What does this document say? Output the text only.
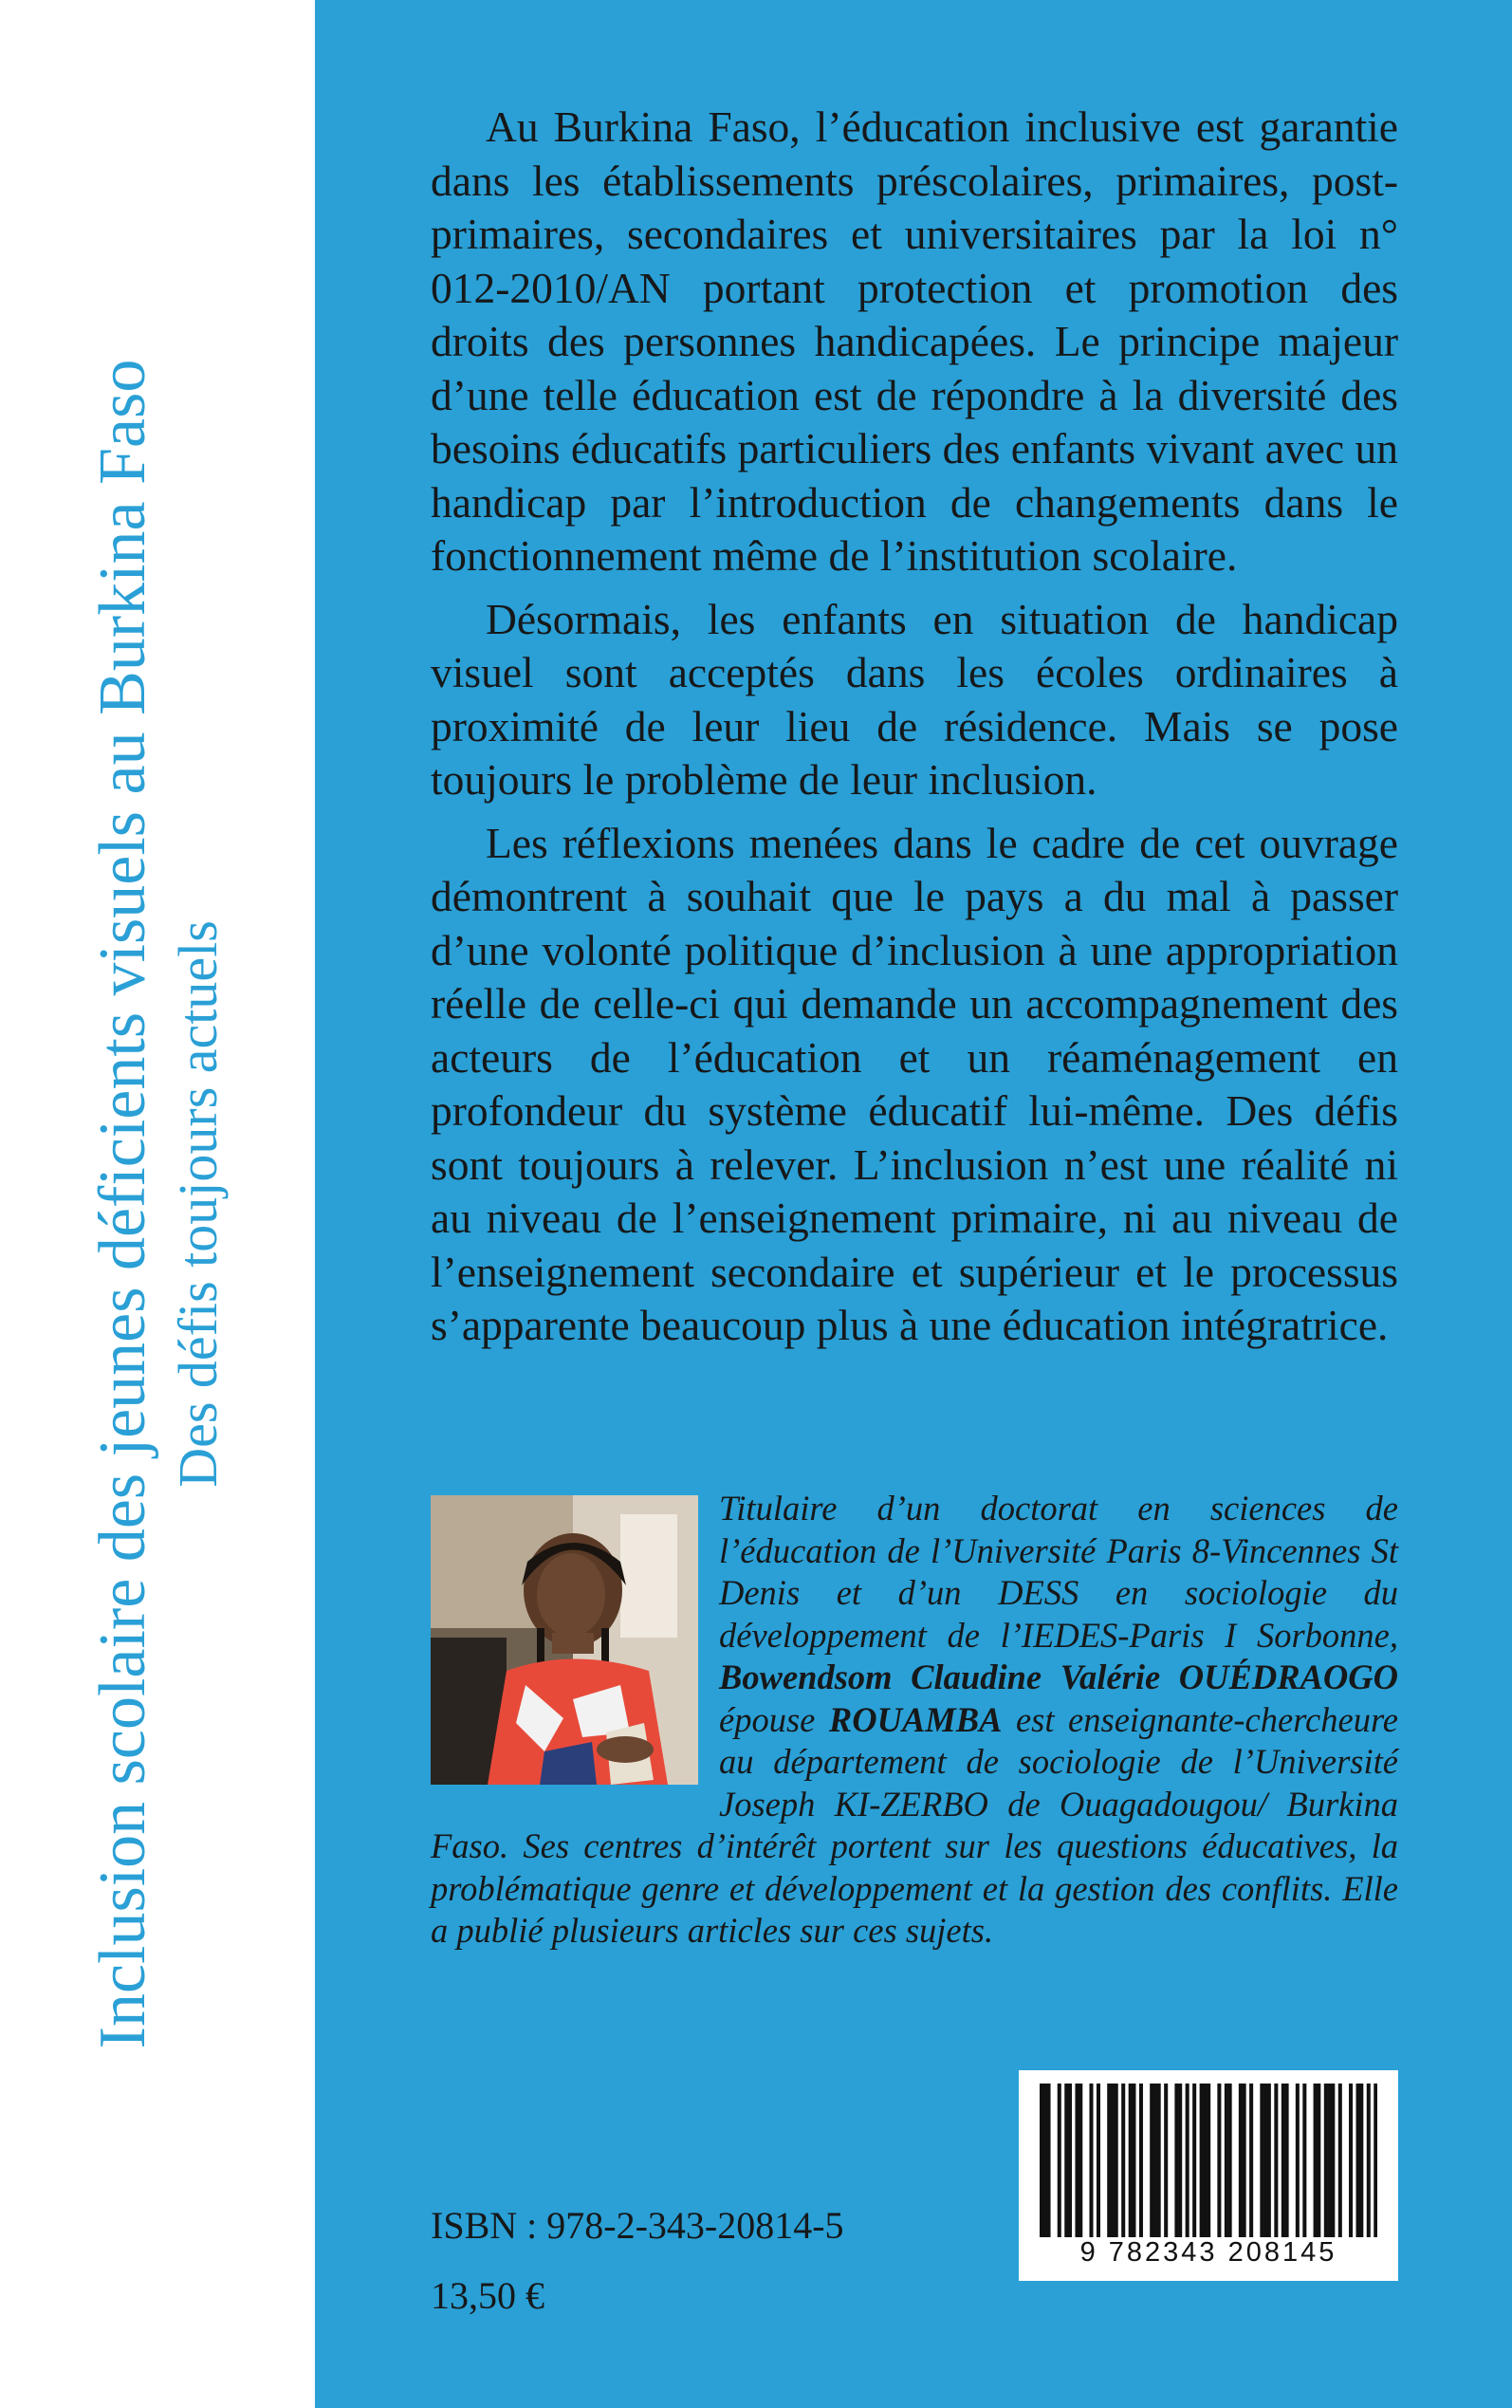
Inclusion scolaire des jeunes déficients visuels au Burkina Faso Des défis toujours actuels

Au Burkina Faso, l’éducation inclusive est garantie dans les établissements préscolaires, primaires, post-primaires, secondaires et universitaires par la loi n° 012-2010/AN portant protection et promotion des droits des personnes handicapées. Le principe majeur d’une telle éducation est de répondre à la diversité des besoins éducatifs particuliers des enfants vivant avec un handicap par l’introduction de changements dans le fonctionnement même de l’institution scolaire.

Désormais, les enfants en situation de handicap visuel sont acceptés dans les écoles ordinaires à proximité de leur lieu de résidence. Mais se pose toujours le problème de leur inclusion.

Les réflexions menées dans le cadre de cet ouvrage démontrent à souhait que le pays a du mal à passer d’une volonté politique d’inclusion à une appropriation réelle de celle-ci qui demande un accompagnement des acteurs de l’éducation et un réaménagement en profondeur du système éducatif lui-même. Des défis sont toujours à relever. L’inclusion n’est une réalité ni au niveau de l’enseignement primaire, ni au niveau de l’enseignement secondaire et supérieur et le processus s’apparente beaucoup plus à une éducation intégratrice.

Titulaire d’un doctorat en sciences de l’éducation de l’Université Paris 8-Vincennes St Denis et d’un DESS en sociologie du développement de l’IEDES-Paris I Sorbonne, Bowendsom Claudine Valérie OUÉDRAOGO épouse ROUAMBA est enseignante-chercheure au département de sociologie de l’Université Joseph KI-ZERBO de Ouagadougou/ Burkina Faso. Ses centres d’intérêt portent sur les questions éducatives, la problématique genre et développement et la gestion des conflits. Elle a publié plusieurs articles sur ces sujets.
9 782343 208145
ISBN : 978-2-343-20814-5
13,50 €
